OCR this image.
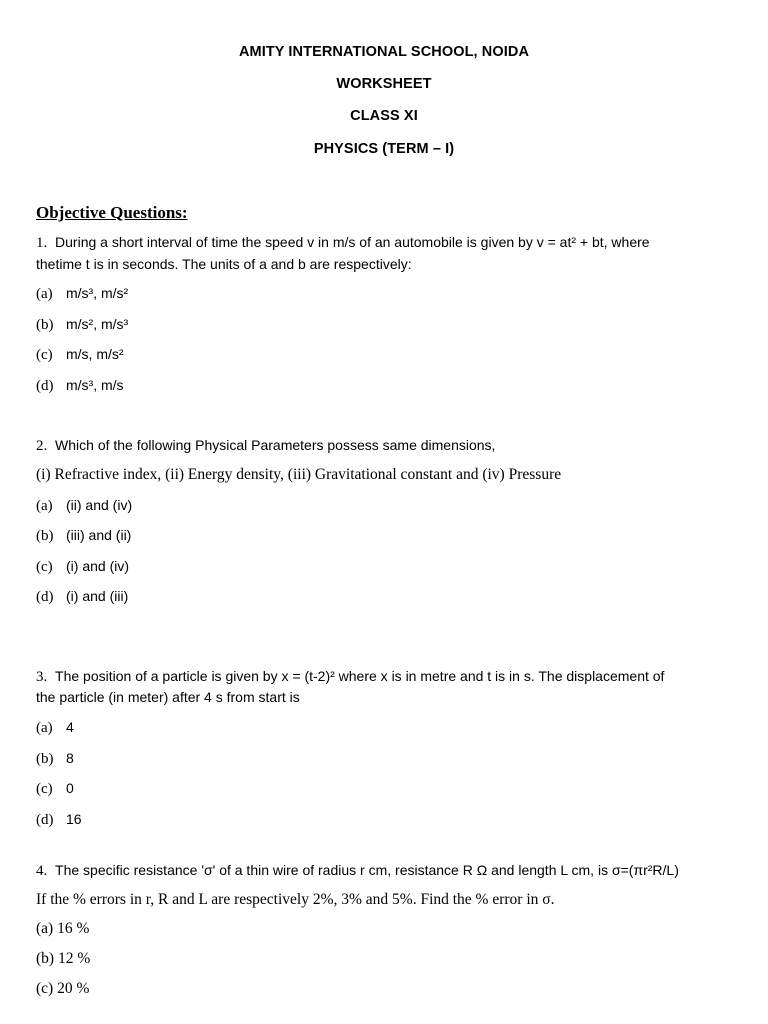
AMITY INTERNATIONAL SCHOOL, NOIDA
WORKSHEET
CLASS XI
PHYSICS (TERM – I)
Objective Questions:
1. During a short interval of time the speed v in m/s of an automobile is given by v = at² + bt, where
thetime t is in seconds. The units of a and b are respectively:
(a) m/s³, m/s²
(b) m/s², m/s³
(c) m/s, m/s²
(d) m/s³, m/s
2. Which of the following Physical Parameters possess same dimensions,
(i) Refractive index, (ii) Energy density, (iii) Gravitational constant and (iv) Pressure
(a) (ii) and (iv)
(b) (iii) and (ii)
(c) (i) and (iv)
(d) (i) and (iii)
3. The position of a particle is given by x = (t-2)² where x is in metre and t is in s. The displacement of
the particle (in meter) after 4 s from start is
(a) 4
(b) 8
(c) 0
(d) 16
4. The specific resistance 'σ' of a thin wire of radius r cm, resistance R Ω and length L cm, is σ=(πr²R/L)
If the % errors in r, R and L are respectively 2%, 3% and 5%. Find the % error in σ.
(a) 16 %
(b) 12 %
(c) 20 %
